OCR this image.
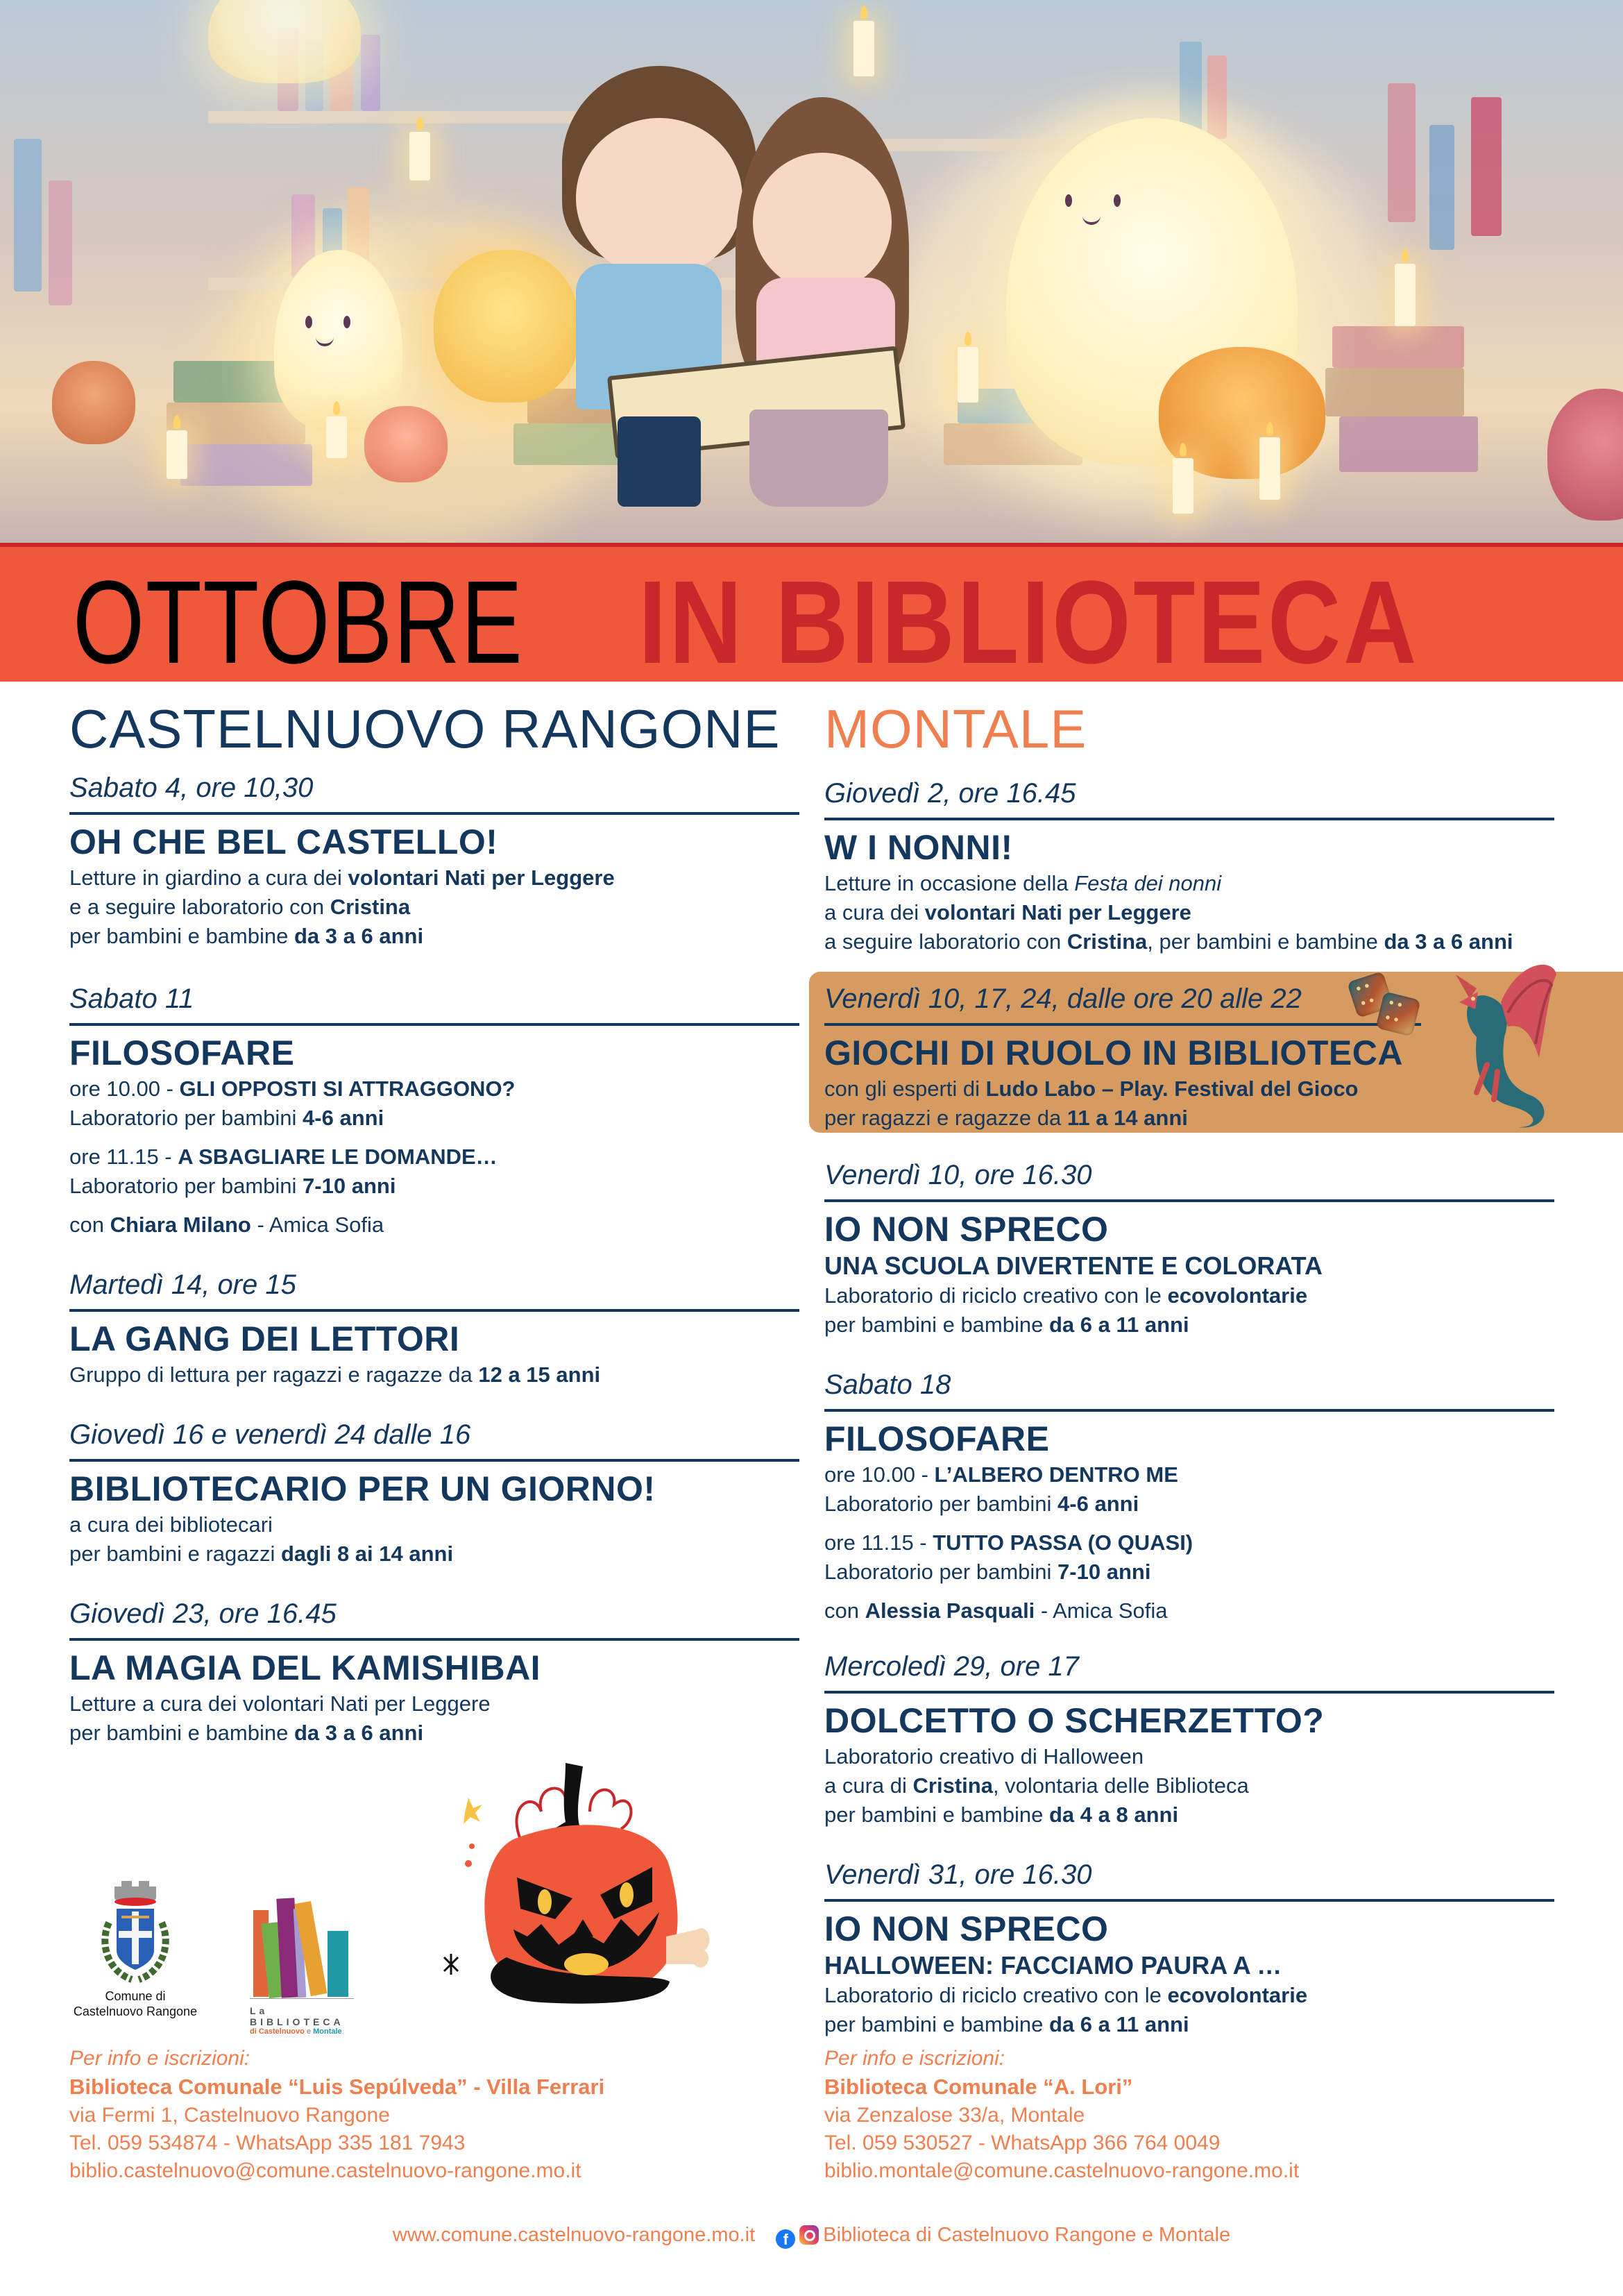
OTTOBRE IN BIBLIOTECA
CASTELNUOVO RANGONE
Sabato 4, ore 10,30
OH CHE BEL CASTELLO!
Letture in giardino a cura dei volontari Nati per Leggere
e a seguire laboratorio con Cristina
per bambini e bambine da 3 a 6 anni
Sabato 11
FILOSOFARE
ore 10.00 - GLI OPPOSTI SI ATTRAGGONO?
Laboratorio per bambini 4-6 anni
ore 11.15 - A SBAGLIARE LE DOMANDE…
Laboratorio per bambini 7-10 anni
con Chiara Milano - Amica Sofia
Martedì 14, ore 15
LA GANG DEI LETTORI
Gruppo di lettura per ragazzi e ragazze da 12 a 15 anni
Giovedì 16 e venerdì 24 dalle 16
BIBLIOTECARIO PER UN GIORNO!
a cura dei bibliotecari
per bambini e ragazzi dagli 8 ai 14 anni
Giovedì 23, ore 16.45
LA MAGIA DEL KAMISHIBAI
Letture a cura dei volontari Nati per Leggere
per bambini e bambine da 3 a 6 anni
MONTALE
Giovedì 2, ore 16.45
W I NONNI!
Letture in occasione della Festa dei nonni
a cura dei volontari Nati per Leggere
a seguire laboratorio con Cristina, per bambini e bambine da 3 a 6 anni
Venerdì 10, 17, 24, dalle ore 20 alle 22
GIOCHI DI RUOLO IN BIBLIOTECA
con gli esperti di Ludo Labo – Play. Festival del Gioco
per ragazzi e ragazze da 11 a 14 anni
• • • •
• • • •
Venerdì 10, ore 16.30
IO NON SPRECO
UNA SCUOLA DIVERTENTE E COLORATA
Laboratorio di riciclo creativo con le ecovolontarie
per bambini e bambine da 6 a 11 anni
Sabato 18
FILOSOFARE
ore 10.00 - L’ALBERO DENTRO ME
Laboratorio per bambini 4-6 anni
ore 11.15 - TUTTO PASSA (O QUASI)
Laboratorio per bambini 7-10 anni
con Alessia Pasquali - Amica Sofia
Mercoledì 29, ore 17
DOLCETTO O SCHERZETTO?
Laboratorio creativo di Halloween
a cura di Cristina, volontaria delle Biblioteca
per bambini e bambine da 4 a 8 anni
Venerdì 31, ore 16.30
IO NON SPRECO
HALLOWEEN: FACCIAMO PAURA A …
Laboratorio di riciclo creativo con le ecovolontarie
per bambini e bambine da 6 a 11 anni
Comune di
Castelnuovo Rangone	La BIBLIOTECA
di Castelnuovo e Montale
Per info e iscrizioni:
Biblioteca Comunale “Luis Sepúlveda” - Villa Ferrari
via Fermi 1, Castelnuovo Rangone
Tel. 059 534874 - WhatsApp 335 181 7943
biblio.castelnuovo@comune.castelnuovo-rangone.mo.it
Per info e iscrizioni:
Biblioteca Comunale “A. Lori”
via Zenzalose 33/a, Montale
Tel. 059 530527 - WhatsApp 366 764 0049
biblio.montale@comune.castelnuovo-rangone.mo.it
www.comune.castelnuovo-rangone.mo.it f Biblioteca di Castelnuovo Rangone e Montale
